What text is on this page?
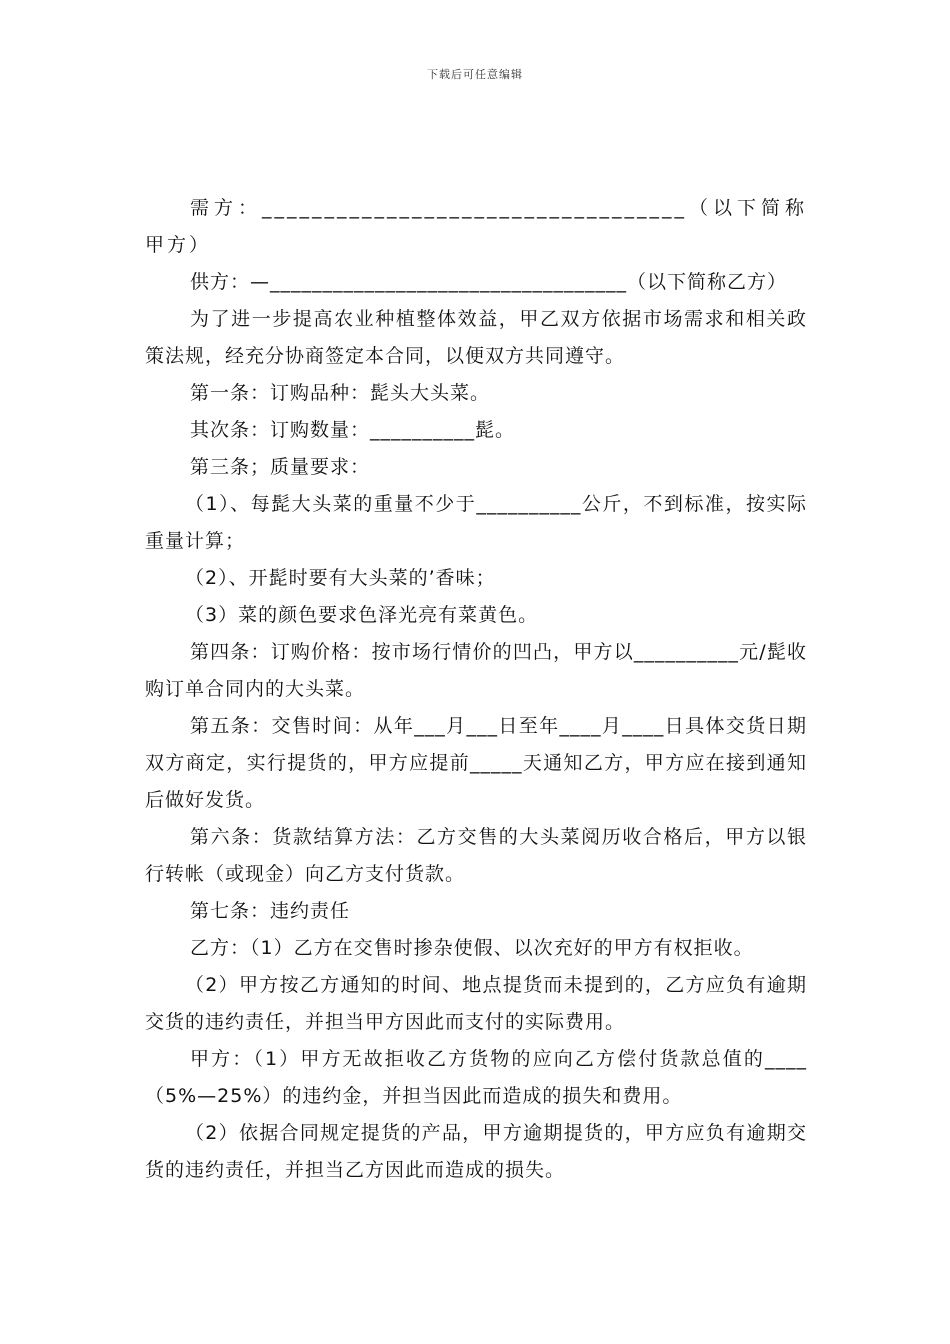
下载后可任意编辑
需方：__________________________________（以下简称甲方）
供方：—__________________________________（以下简称乙方）
为了进一步提高农业种植整体效益，甲乙双方依据市场需求和相关政策法规，经充分协商签定本合同，以便双方共同遵守。
第一条：订购品种：髭头大头菜。
其次条：订购数量：__________髭。
第三条；质量要求：
（1）、每髭大头菜的重量不少于__________公斤，不到标准，按实际重量计算；
（2）、开髭时要有大头菜的’香味；
（3）菜的颜色要求色泽光亮有菜黄色。
第四条：订购价格：按市场行情价的凹凸，甲方以__________元/髭收购订单合同内的大头菜。
第五条：交售时间：从年___月___日至年____月____日具体交货日期双方商定，实行提货的，甲方应提前_____天通知乙方，甲方应在接到通知后做好发货。
第六条：货款结算方法：乙方交售的大头菜阅历收合格后，甲方以银行转帐（或现金）向乙方支付货款。
第七条：违约责任
乙方：（1）乙方在交售时掺杂使假、以次充好的甲方有权拒收。
（2）甲方按乙方通知的时间、地点提货而未提到的，乙方应负有逾期交货的违约责任，并担当甲方因此而支付的实际费用。
甲方：（1）甲方无故拒收乙方货物的应向乙方偿付货款总值的____（5%—25%）的违约金，并担当因此而造成的损失和费用。
（2）依据合同规定提货的产品，甲方逾期提货的，甲方应负有逾期交货的违约责任，并担当乙方因此而造成的损失。
